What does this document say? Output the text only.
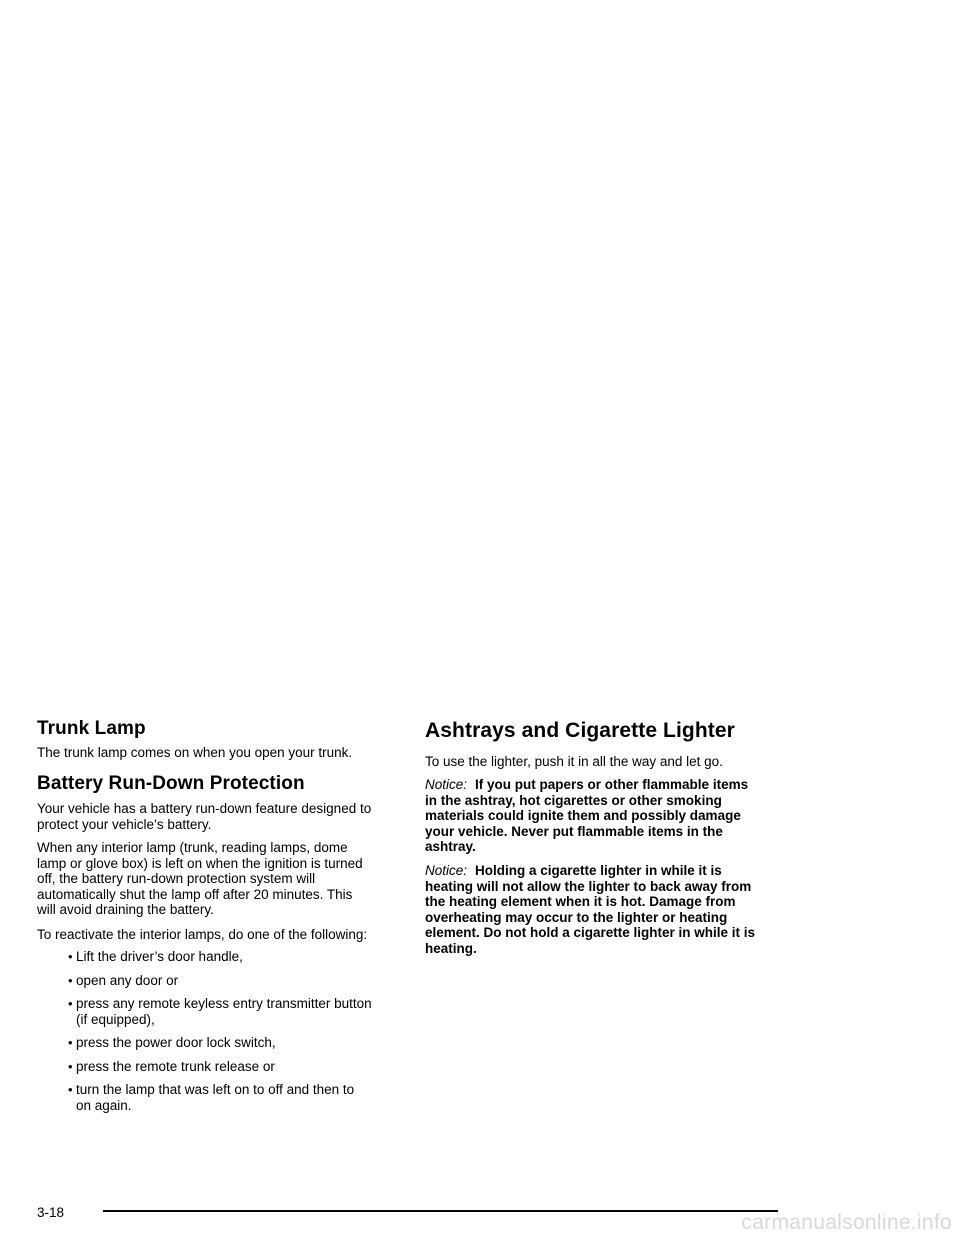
Trunk Lamp

The trunk lamp comes on when you open your trunk.

Battery Run-Down Protection

Your vehicle has a battery run-down feature designed to

protect your vehicle’s battery.

When any interior lamp (trunk, reading lamps, dome

lamp or glove box) is left on when the ignition is turned

off, the battery run-down protection system will

automatically shut the lamp off after 20 minutes. This

will avoid draining the battery.

To reactivate the interior lamps, do one of the following:

• Lift the driver’s door handle,
• open any door or
• press any remote keyless entry transmitter button
(if equipped),
• press the power door lock switch,
• press the remote trunk release or
• turn the lamp that was left on to off and then to
on again.
Ashtrays and Cigarette Lighter

To use the lighter, push it in all the way and let go.

Notice: If you put papers or other flammable items

in the ashtray, hot cigarettes or other smoking

materials could ignite them and possibly damage

your vehicle. Never put flammable items in the

ashtray.

Notice: Holding a cigarette lighter in while it is

heating will not allow the lighter to back away from

the heating element when it is hot. Damage from

overheating may occur to the lighter or heating

element. Do not hold a cigarette lighter in while it is

heating.

3-18	carmanualsonline.info
